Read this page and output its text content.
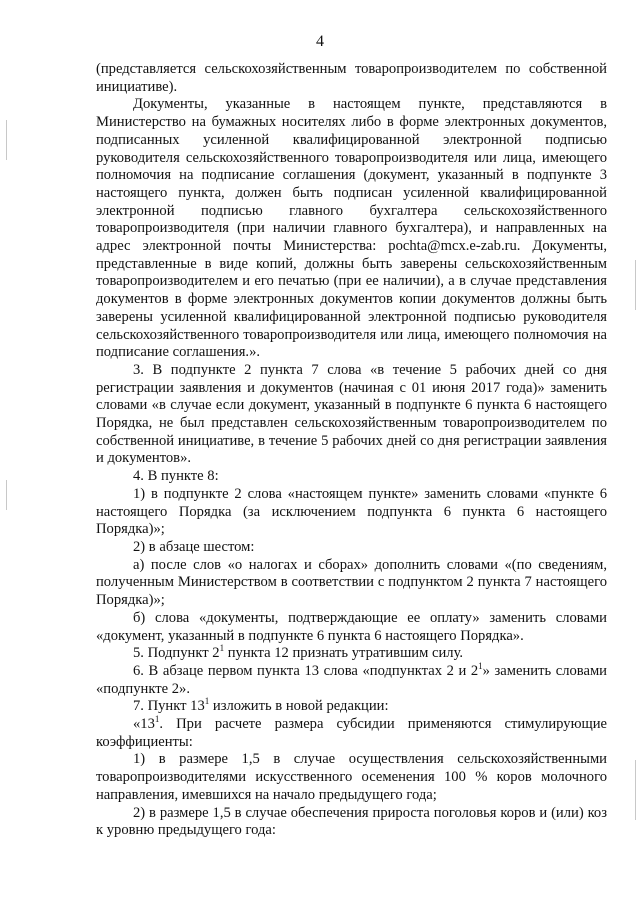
4

(представляется сельскохозяйственным товаропроизводителем по собственной инициативе).

Документы, указанные в настоящем пункте, представляются в Министерство на бумажных носителях либо в форме электронных документов, подписанных усиленной квалифицированной электронной подписью руководителя сельскохозяйственного товаропроизводителя или лица, имеющего полномочия на подписание соглашения (документ, указанный в подпункте 3 настоящего пункта, должен быть подписан усиленной квалифицированной электронной подписью главного бухгалтера сельскохозяйственного товаропроизводителя (при наличии главного бухгалтера), и направленных на адрес электронной почты Министерства: pochta@mcx.e-zab.ru. Документы, представленные в виде копий, должны быть заверены сельскохозяйственным товаропроизводителем и его печатью (при ее наличии), а в случае представления документов в форме электронных документов копии документов должны быть заверены усиленной квалифицированной электронной подписью руководителя сельскохозяйственного товаропроизводителя или лица, имеющего полномочия на подписание соглашения.».

3. В подпункте 2 пункта 7 слова «в течение 5 рабочих дней со дня регистрации заявления и документов (начиная с 01 июня 2017 года)» заменить словами «в случае если документ, указанный в подпункте 6 пункта 6 настоящего Порядка, не был представлен сельскохозяйственным товаропроизводителем по собственной инициативе, в течение 5 рабочих дней со дня регистрации заявления и документов».

4. В пункте 8:

1) в подпункте 2 слова «настоящем пункте» заменить словами «пункте 6 настоящего Порядка (за исключением подпункта 6 пункта 6 настоящего Порядка)»;

2) в абзаце шестом:

а) после слов «о налогах и сборах» дополнить словами «(по сведениям, полученным Министерством в соответствии с подпунктом 2 пункта 7 настоящего Порядка)»;

б) слова «документы, подтверждающие ее оплату» заменить словами «документ, указанный в подпункте 6 пункта 6 настоящего Порядка».

5. Подпункт $2^1$ пункта 12 признать утратившим силу.

6. В абзаце первом пункта 13 слова «подпунктах 2 и $2^1$» заменить словами «подпункте 2».

7. Пункт $13^1$ изложить в новой редакции:

«$13^1$. При расчете размера субсидии применяются стимулирующие коэффициенты:

1) в размере 1,5 в случае осуществления сельскохозяйственными товаропроизводителями искусственного осеменения 100 % коров молочного направления, имевшихся на начало предыдущего года;

2) в размере 1,5 в случае обеспечения прироста поголовья коров и (или) коз к уровню предыдущего года:
